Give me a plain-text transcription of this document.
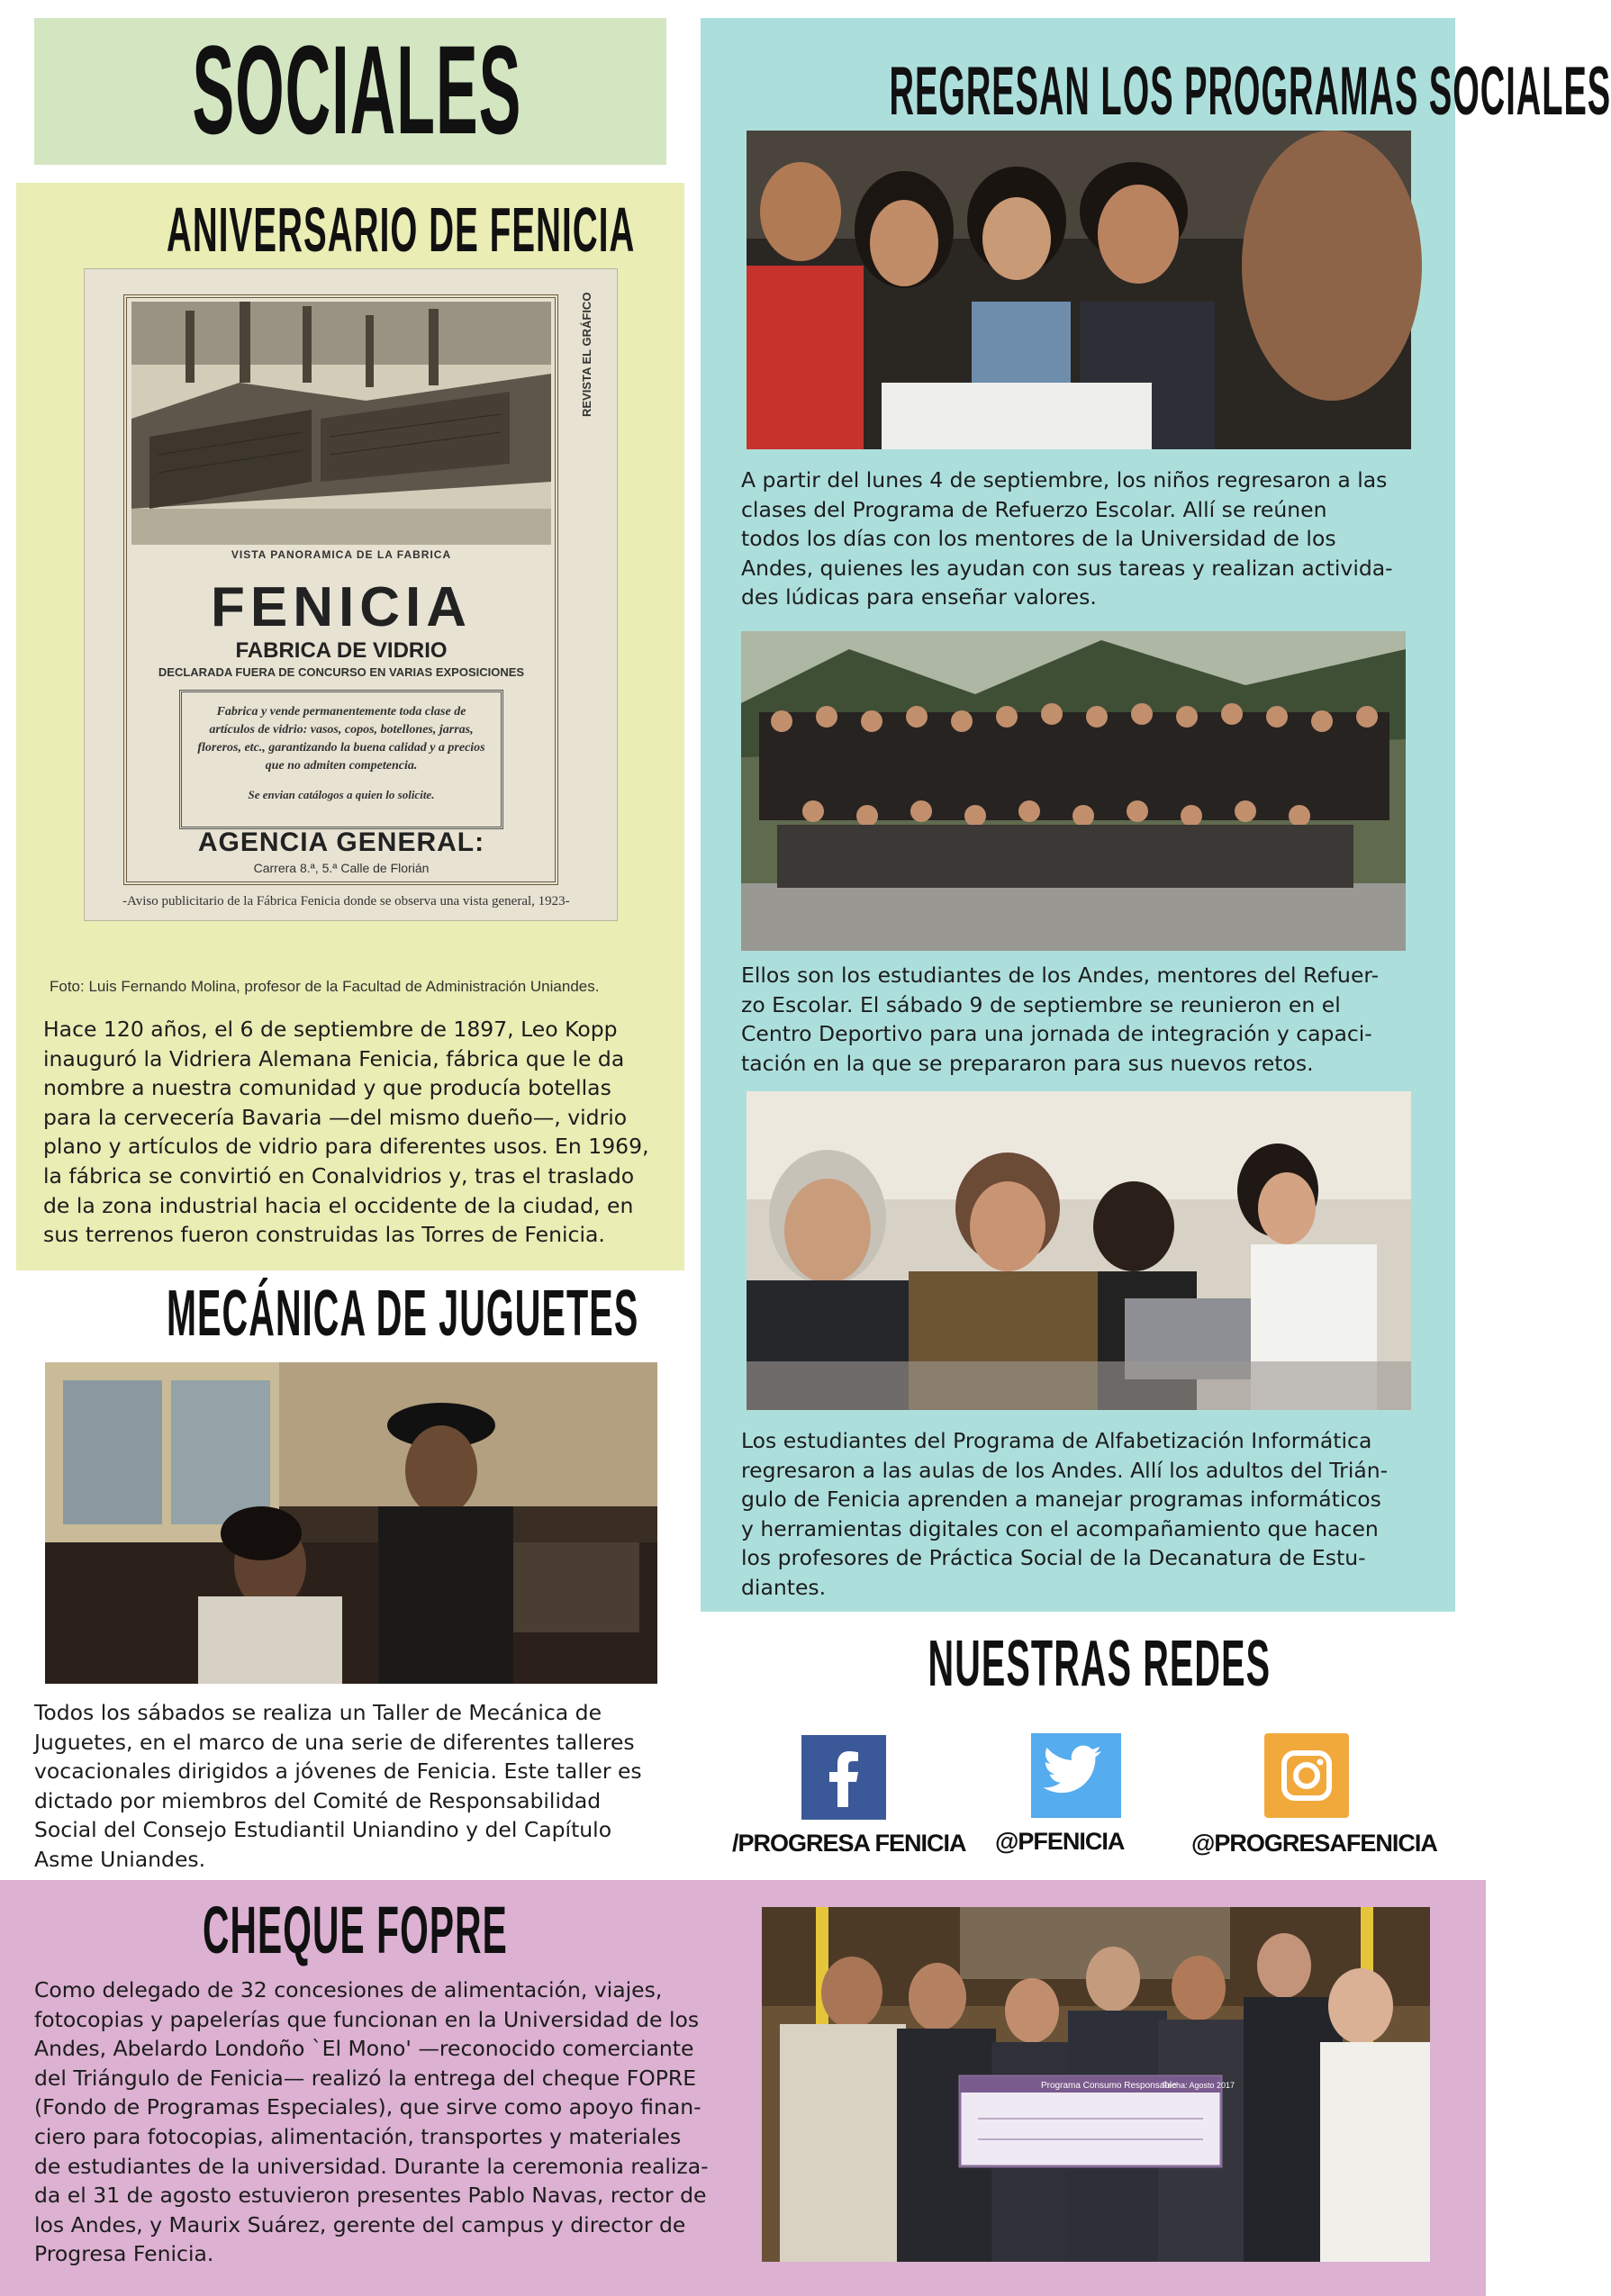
SOCIALES
ANIVERSARIO DE FENICIA
REVISTA EL GRÁFICO
VISTA PANORAMICA DE LA FABRICA
FENICIA
FABRICA DE VIDRIO
DECLARADA FUERA DE CONCURSO EN VARIAS EXPOSICIONES
Fabrica y vende permanentemente toda clase de artículos de vidrio: vasos, copos, botellones, jarras, floreros, etc., garantizando la buena calidad y a precios que no admiten competencia.
Se envian catálogos a quien lo solicite.
AGENCIA GENERAL:
Carrera 8.ª, 5.ª Calle de Florián
-Aviso publicitario de la Fábrica Fenicia donde se observa una vista general, 1923-
Foto: Luis Fernando Molina, profesor de la Facultad de Administración Uniandes.
Hace 120 años, el 6 de septiembre de 1897, Leo Kopp
inauguró la Vidriera Alemana Fenicia, fábrica que le da
nombre a nuestra comunidad y que producía botellas
para la cervecería Bavaria —del mismo dueño—, vidrio
plano y artículos de vidrio para diferentes usos. En 1969,
la fábrica se convirtió en Conalvidrios y, tras el traslado
de la zona industrial hacia el occidente de la ciudad, en
sus terrenos fueron construidas las Torres de Fenicia.
MECÁNICA DE JUGUETES
Todos los sábados se realiza un Taller de Mecánica de
Juguetes, en el marco de una serie de diferentes talleres
vocacionales dirigidos a jóvenes de Fenicia. Este taller es
dictado por miembros del Comité de Responsabilidad
Social del Consejo Estudiantil Uniandino y del Capítulo
Asme Uniandes.
REGRESAN LOS PROGRAMAS SOCIALES
A partir del lunes 4 de septiembre, los niños regresaron a las
clases del Programa de Refuerzo Escolar. Allí se reúnen
todos los días con los mentores de la Universidad de los
Andes, quienes les ayudan con sus tareas y realizan activida-
des lúdicas para enseñar valores.
Ellos son los estudiantes de los Andes, mentores del Refuer-
zo Escolar. El sábado 9 de septiembre se reunieron en el
Centro Deportivo para una jornada de integración y capaci-
tación en la que se prepararon para sus nuevos retos.
Los estudiantes del Programa de Alfabetización Informática
regresaron a las aulas de los Andes. Allí los adultos del Trián-
gulo de Fenicia aprenden a manejar programas informáticos
y herramientas digitales con el acompañamiento que hacen
los profesores de Práctica Social de la Decanatura de Estu-
diantes.
NUESTRAS REDES
/PROGRESA FENICIA @PFENICIA	@PROGRESAFENICIA
CHEQUE FOPRE
Como delegado de 32 concesiones de alimentación, viajes,
fotocopias y papelerías que funcionan en la Universidad de los
Andes, Abelardo Londoño `El Mono' —reconocido comerciante
del Triángulo de Fenicia— realizó la entrega del cheque FOPRE
(Fondo de Programas Especiales), que sirve como apoyo finan-
ciero para fotocopias, alimentación, transportes y materiales
de estudiantes de la universidad. Durante la ceremonia realiza-
da el 31 de agosto estuvieron presentes Pablo Navas, rector de
los Andes, y Maurix Suárez, gerente del campus y director de
Progresa Fenicia.
Programa Consumo Responsable
Fecha: Agosto 2017
